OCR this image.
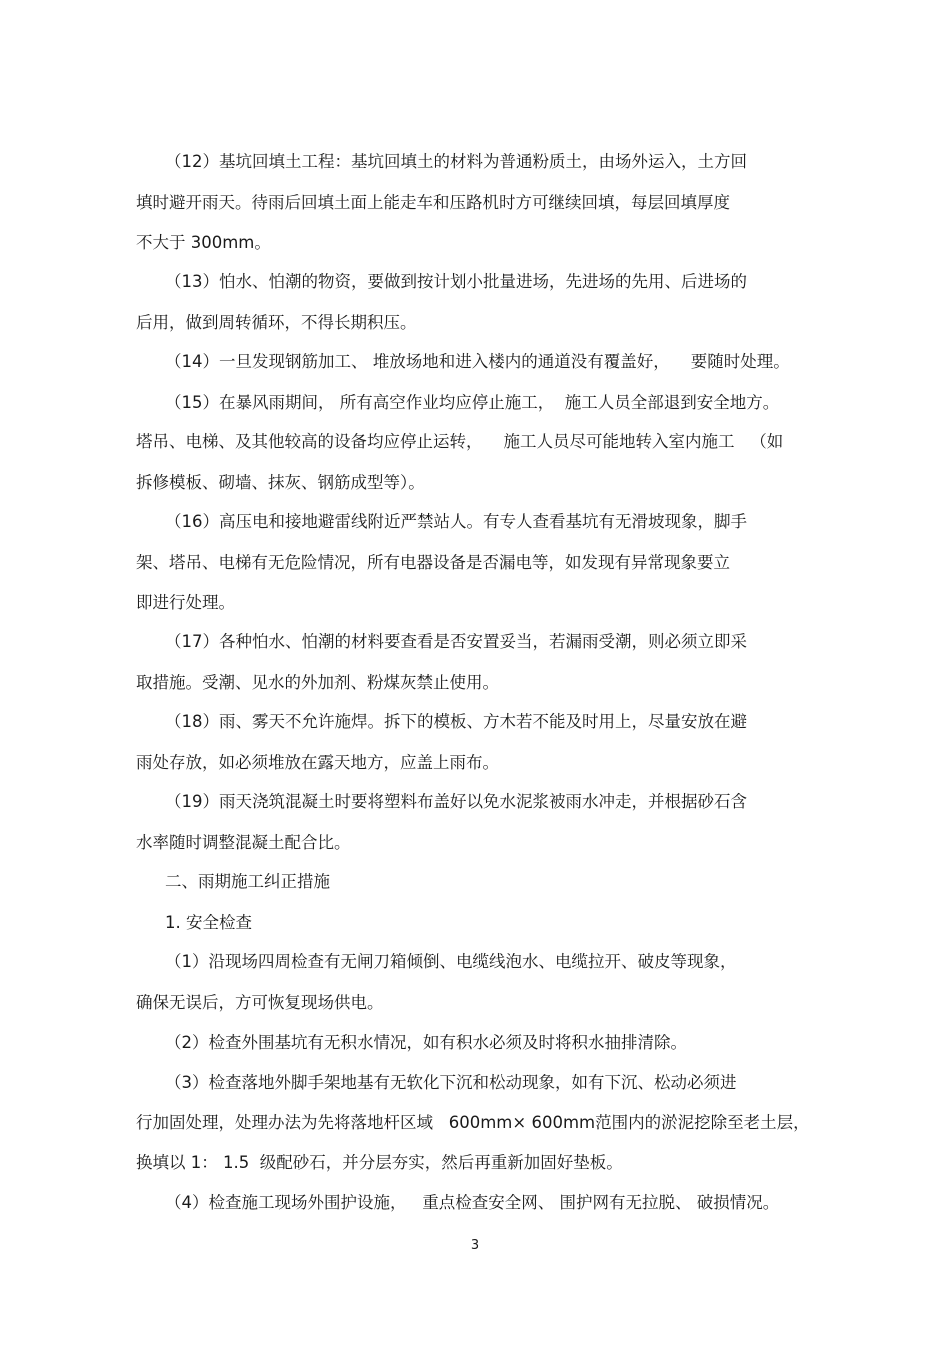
（12）基坑回填土工程：基坑回填土的材料为普通粉质土，由场外运入，土方回
填时避开雨天。待雨后回填土面上能走车和压路机时方可继续回填，每层回填厚度
不大于 300mm。
（13）怕水、怕潮的物资，要做到按计划小批量进场，先进场的先用、后进场的
后用，做到周转循环，不得长期积压。
（14）一旦发现钢筋加工、 堆放场地和进入楼内的通道没有覆盖好，    要随时处理。
（15）在暴风雨期间， 所有高空作业均应停止施工，  施工人员全部退到安全地方。
塔吊、电梯、及其他较高的设备均应停止运转，    施工人员尽可能地转入室内施工   （如
拆修模板、砌墙、抹灰、钢筋成型等）。
（16）高压电和接地避雷线附近严禁站人。有专人查看基坑有无滑坡现象，脚手
架、塔吊、电梯有无危险情况，所有电器设备是否漏电等，如发现有异常现象要立
即进行处理。
（17）各种怕水、怕潮的材料要查看是否安置妥当，若漏雨受潮，则必须立即采
取措施。受潮、见水的外加剂、粉煤灰禁止使用。
（18）雨、雾天不允许施焊。拆下的模板、方木若不能及时用上，尽量安放在避
雨处存放，如必须堆放在露天地方，应盖上雨布。
（19）雨天浇筑混凝土时要将塑料布盖好以免水泥浆被雨水冲走，并根据砂石含
水率随时调整混凝土配合比。
二、雨期施工纠正措施
1. 安全检查
（1）沿现场四周检查有无闸刀箱倾倒、电缆线泡水、电缆拉开、破皮等现象，
确保无误后，方可恢复现场供电。
（2）检查外围基坑有无积水情况，如有积水必须及时将积水抽排清除。
（3）检查落地外脚手架地基有无软化下沉和松动现象，如有下沉、松动必须进
行加固处理，处理办法为先将落地杆区域   600mm× 600mm范围内的淤泥挖除至老土层，
换填以 1： 1.5  级配砂石，并分层夯实，然后再重新加固好垫板。
（4）检查施工现场外围护设施，   重点检查安全网、 围护网有无拉脱、 破损情况。
3
